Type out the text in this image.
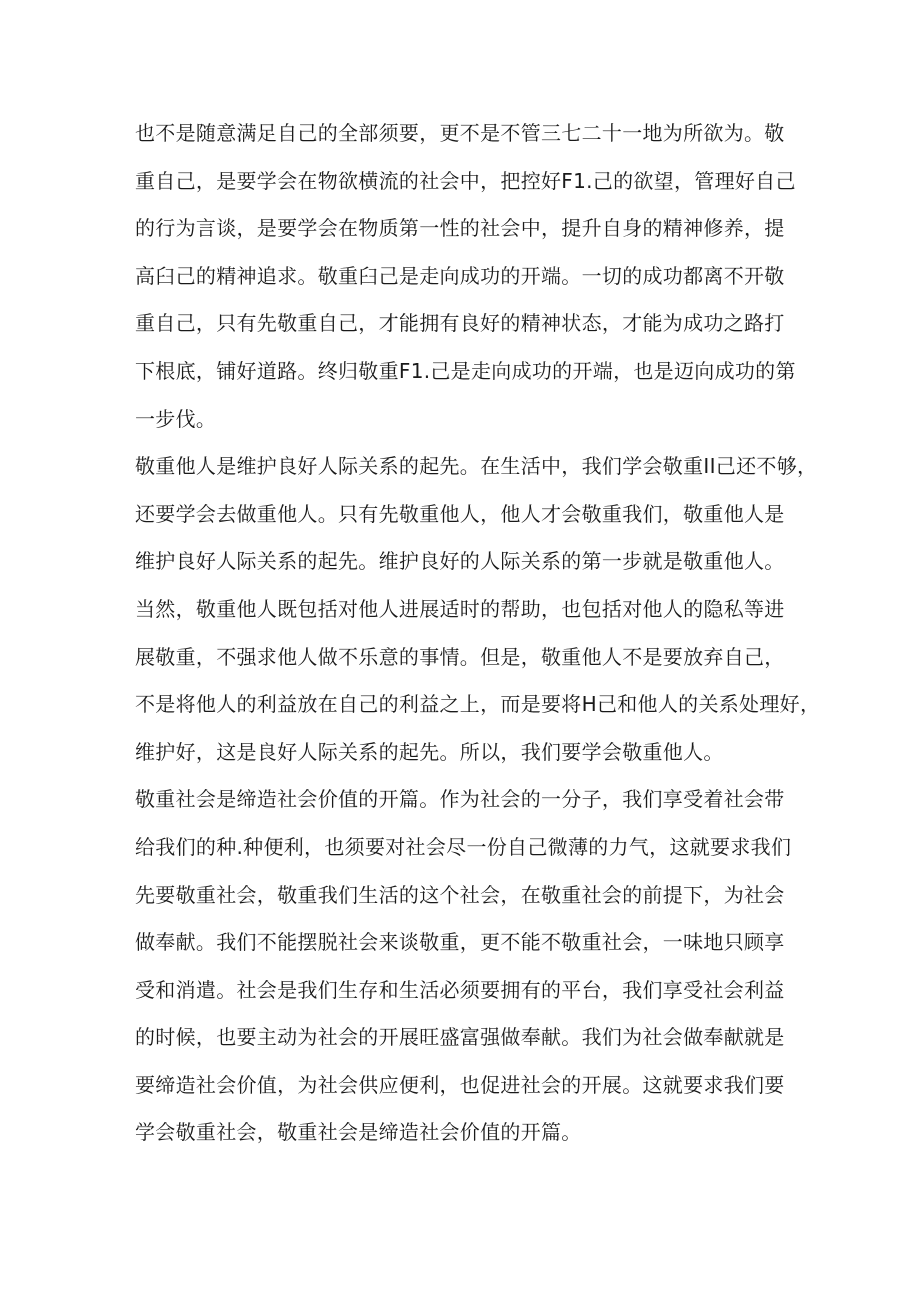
也不是随意满足自己的全部须要，更不是不管三七二十一地为所欲为。敬
重自己，是要学会在物欲横流的社会中，把控好F1.己的欲望，管理好自己
的行为言谈，是要学会在物质第一性的社会中，提升自身的精神修养，提
高臼己的精神追求。敬重臼己是走向成功的开端。一切的成功都离不开敬
重自己，只有先敬重自己，才能拥有良好的精神状态，才能为成功之路打
下根底，铺好道路。终归敬重F1.己是走向成功的开端，也是迈向成功的第
一步伐。
敬重他人是维护良好人际关系的起先。在生活中，我们学会敬重II己还不够，
还要学会去做重他人。只有先敬重他人，他人才会敬重我们，敬重他人是
维护良好人际关系的起先。维护良好的人际关系的第一步就是敬重他人。
当然，敬重他人既包括对他人进展适时的帮助，也包括对他人的隐私等进
展敬重，不强求他人做不乐意的事情。但是，敬重他人不是要放弃自己，
不是将他人的利益放在自己的利益之上，而是要将H己和他人的关系处理好，
维护好，这是良好人际关系的起先。所以，我们要学会敬重他人。
敬重社会是缔造社会价值的开篇。作为社会的一分子，我们享受着社会带
给我们的种.种便利，也须要对社会尽一份自己微薄的力气，这就要求我们
先要敬重社会，敬重我们生活的这个社会，在敬重社会的前提下，为社会
做奉献。我们不能摆脱社会来谈敬重，更不能不敬重社会，一味地只顾享
受和消遣。社会是我们生存和生活必须要拥有的平台，我们享受社会利益
的时候，也要主动为社会的开展旺盛富强做奉献。我们为社会做奉献就是
要缔造社会价值，为社会供应便利，也促进社会的开展。这就要求我们要
学会敬重社会，敬重社会是缔造社会价值的开篇。
